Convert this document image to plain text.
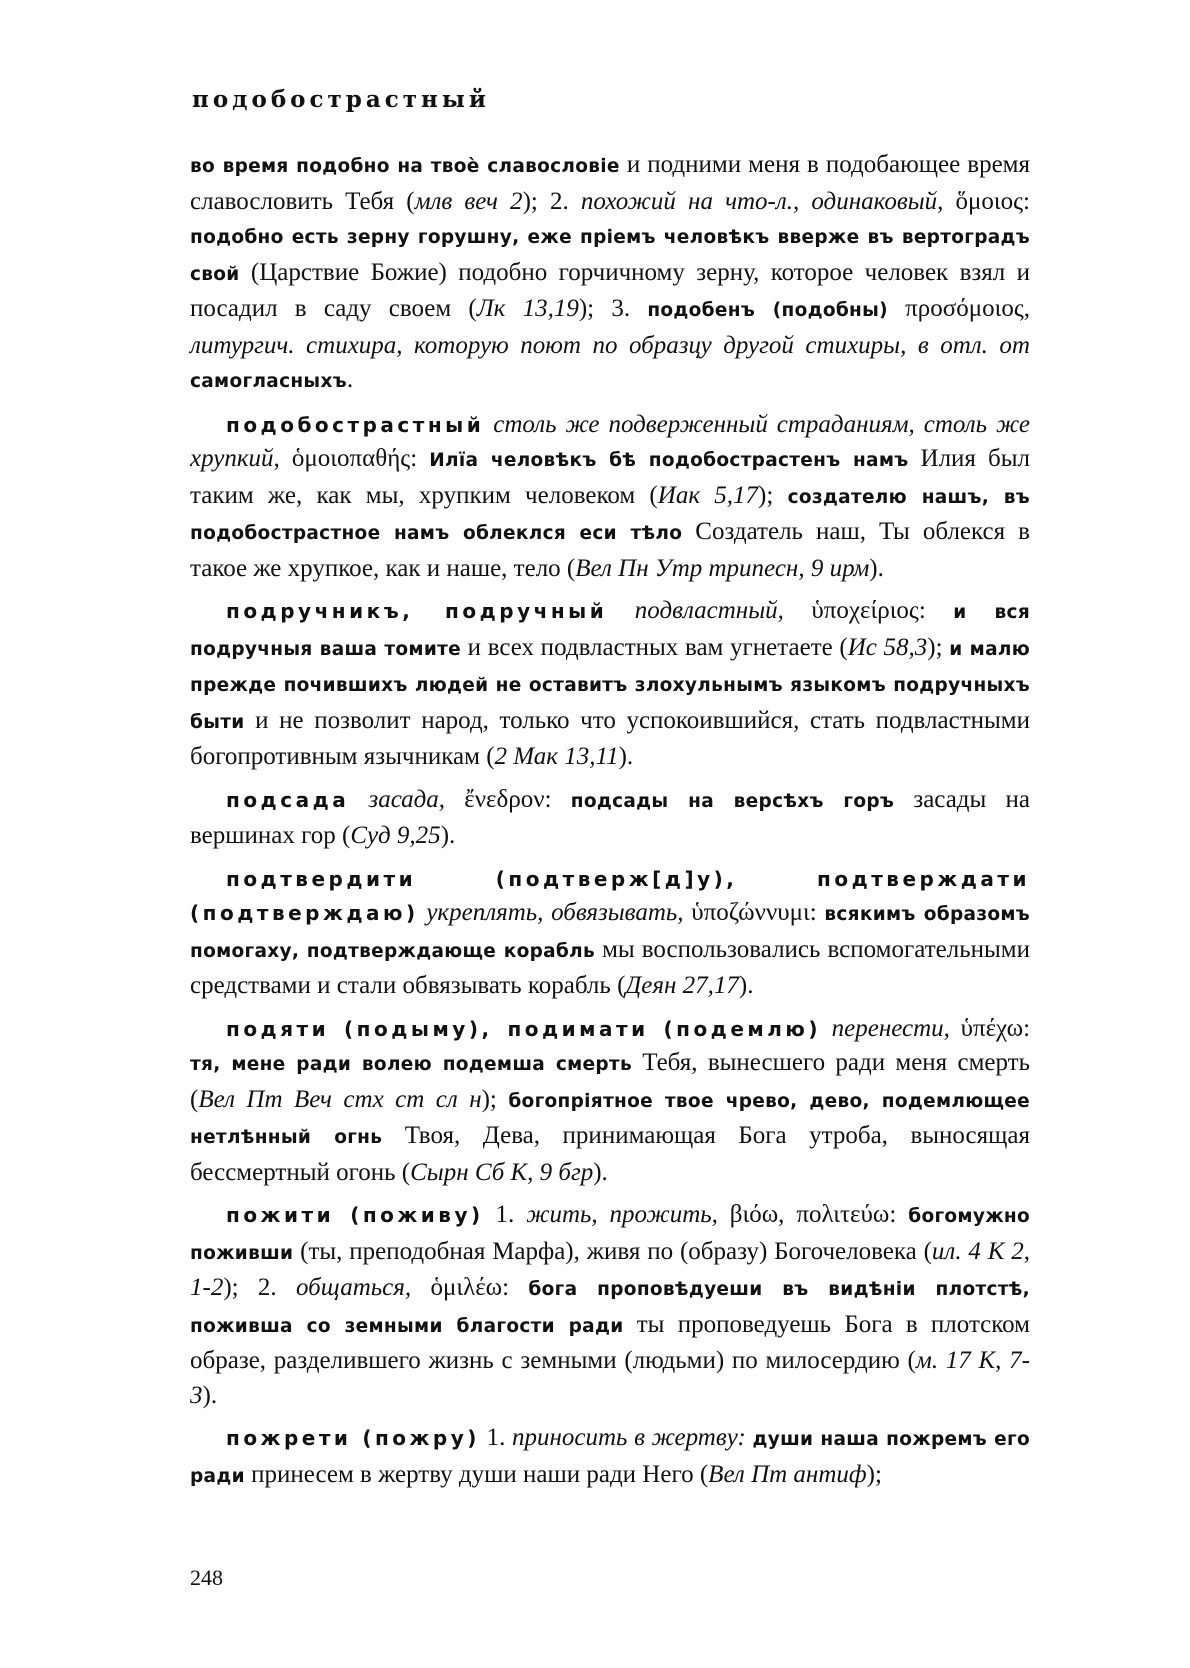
подобострастный

во время подобно на твоѐ славословіе и подними меня в подобающее время славословить Тебя (млв веч 2); 2. похожий на что-л., одинаковый, ὅμοιος: подобно есть зерну горушну, еже пріемъ человѣкъ вверже въ вертоградъ свой (Царствие Божие) подобно горчичному зерну, которое человек взял и посадил в саду своем (Лк 13,19); 3. подобенъ (подобны) προσόμοιος, литургич. стихира, которую поют по образцу другой стихиры, в отл. от самогласныхъ.

подобострастный столь же подверженный страданиям, столь же хрупкий, ὁμοιοπαθής: Илїа человѣкъ бѣ подобострастенъ намъ Илия был таким же, как мы, хрупким человеком (Иак 5,17); создателю нашъ, въ подобострастное намъ облеклся еси тѣло Создатель наш, Ты облекся в такое же хрупкое, как и наше, тело (Вел Пн Утр трипесн, 9 ирм).

подручникъ, подручный подвластный, ὑποχείριος: и вся подручныя ваша томите и всех подвластных вам угнетаете (Ис 58,3); и малю прежде почившихъ людей не оставитъ злохульнымъ языкомъ подручныхъ быти и не позволит народ, только что успокоившийся, стать подвластными богопротивным язычникам (2 Мак 13,11).

подсада засада, ἔνεδρον: подсады на версѣхъ горъ засады на вершинах гор (Суд 9,25).

подтвердити (подтверж[д]у), подтверждати (подтверждаю) укреплять, обвязывать, ὑποζώννυμι: всякимъ образомъ помогаху, подтверждающе корабль мы воспользовались вспомогательными средствами и стали обвязывать корабль (Деян 27,17).

подяти (подыму), подимати (подемлю) перенести, ὑπέχω: тя, мене ради волею подемша смерть Тебя, вынесшего ради меня смерть (Вел Пт Веч стх ст сл н); богопріятное твое чрево, дево, подемлющее нетлѣнный огнь Твоя, Дева, принимающая Бога утроба, выносящая бессмертный огонь (Сырн Сб К, 9 бгр).

пожити (поживу) 1. жить, прожить, βιόω, πολιτεύω: богомужно поживши (ты, преподобная Марфа), живя по (образу) Богочеловека (ил. 4 К 2, 1-2); 2. общаться, ὁμιλέω: бога проповѣдуеши въ видѣніи плотстѣ, поживша со земными благости ради ты проповедуешь Бога в плотском образе, разделившего жизнь с земными (людьми) по милосердию (м. 17 К, 7-3).

пожрети (пожру) 1. приносить в жертву: души наша пожремъ его ради принесем в жертву души наши ради Него (Вел Пт антиф);

248
